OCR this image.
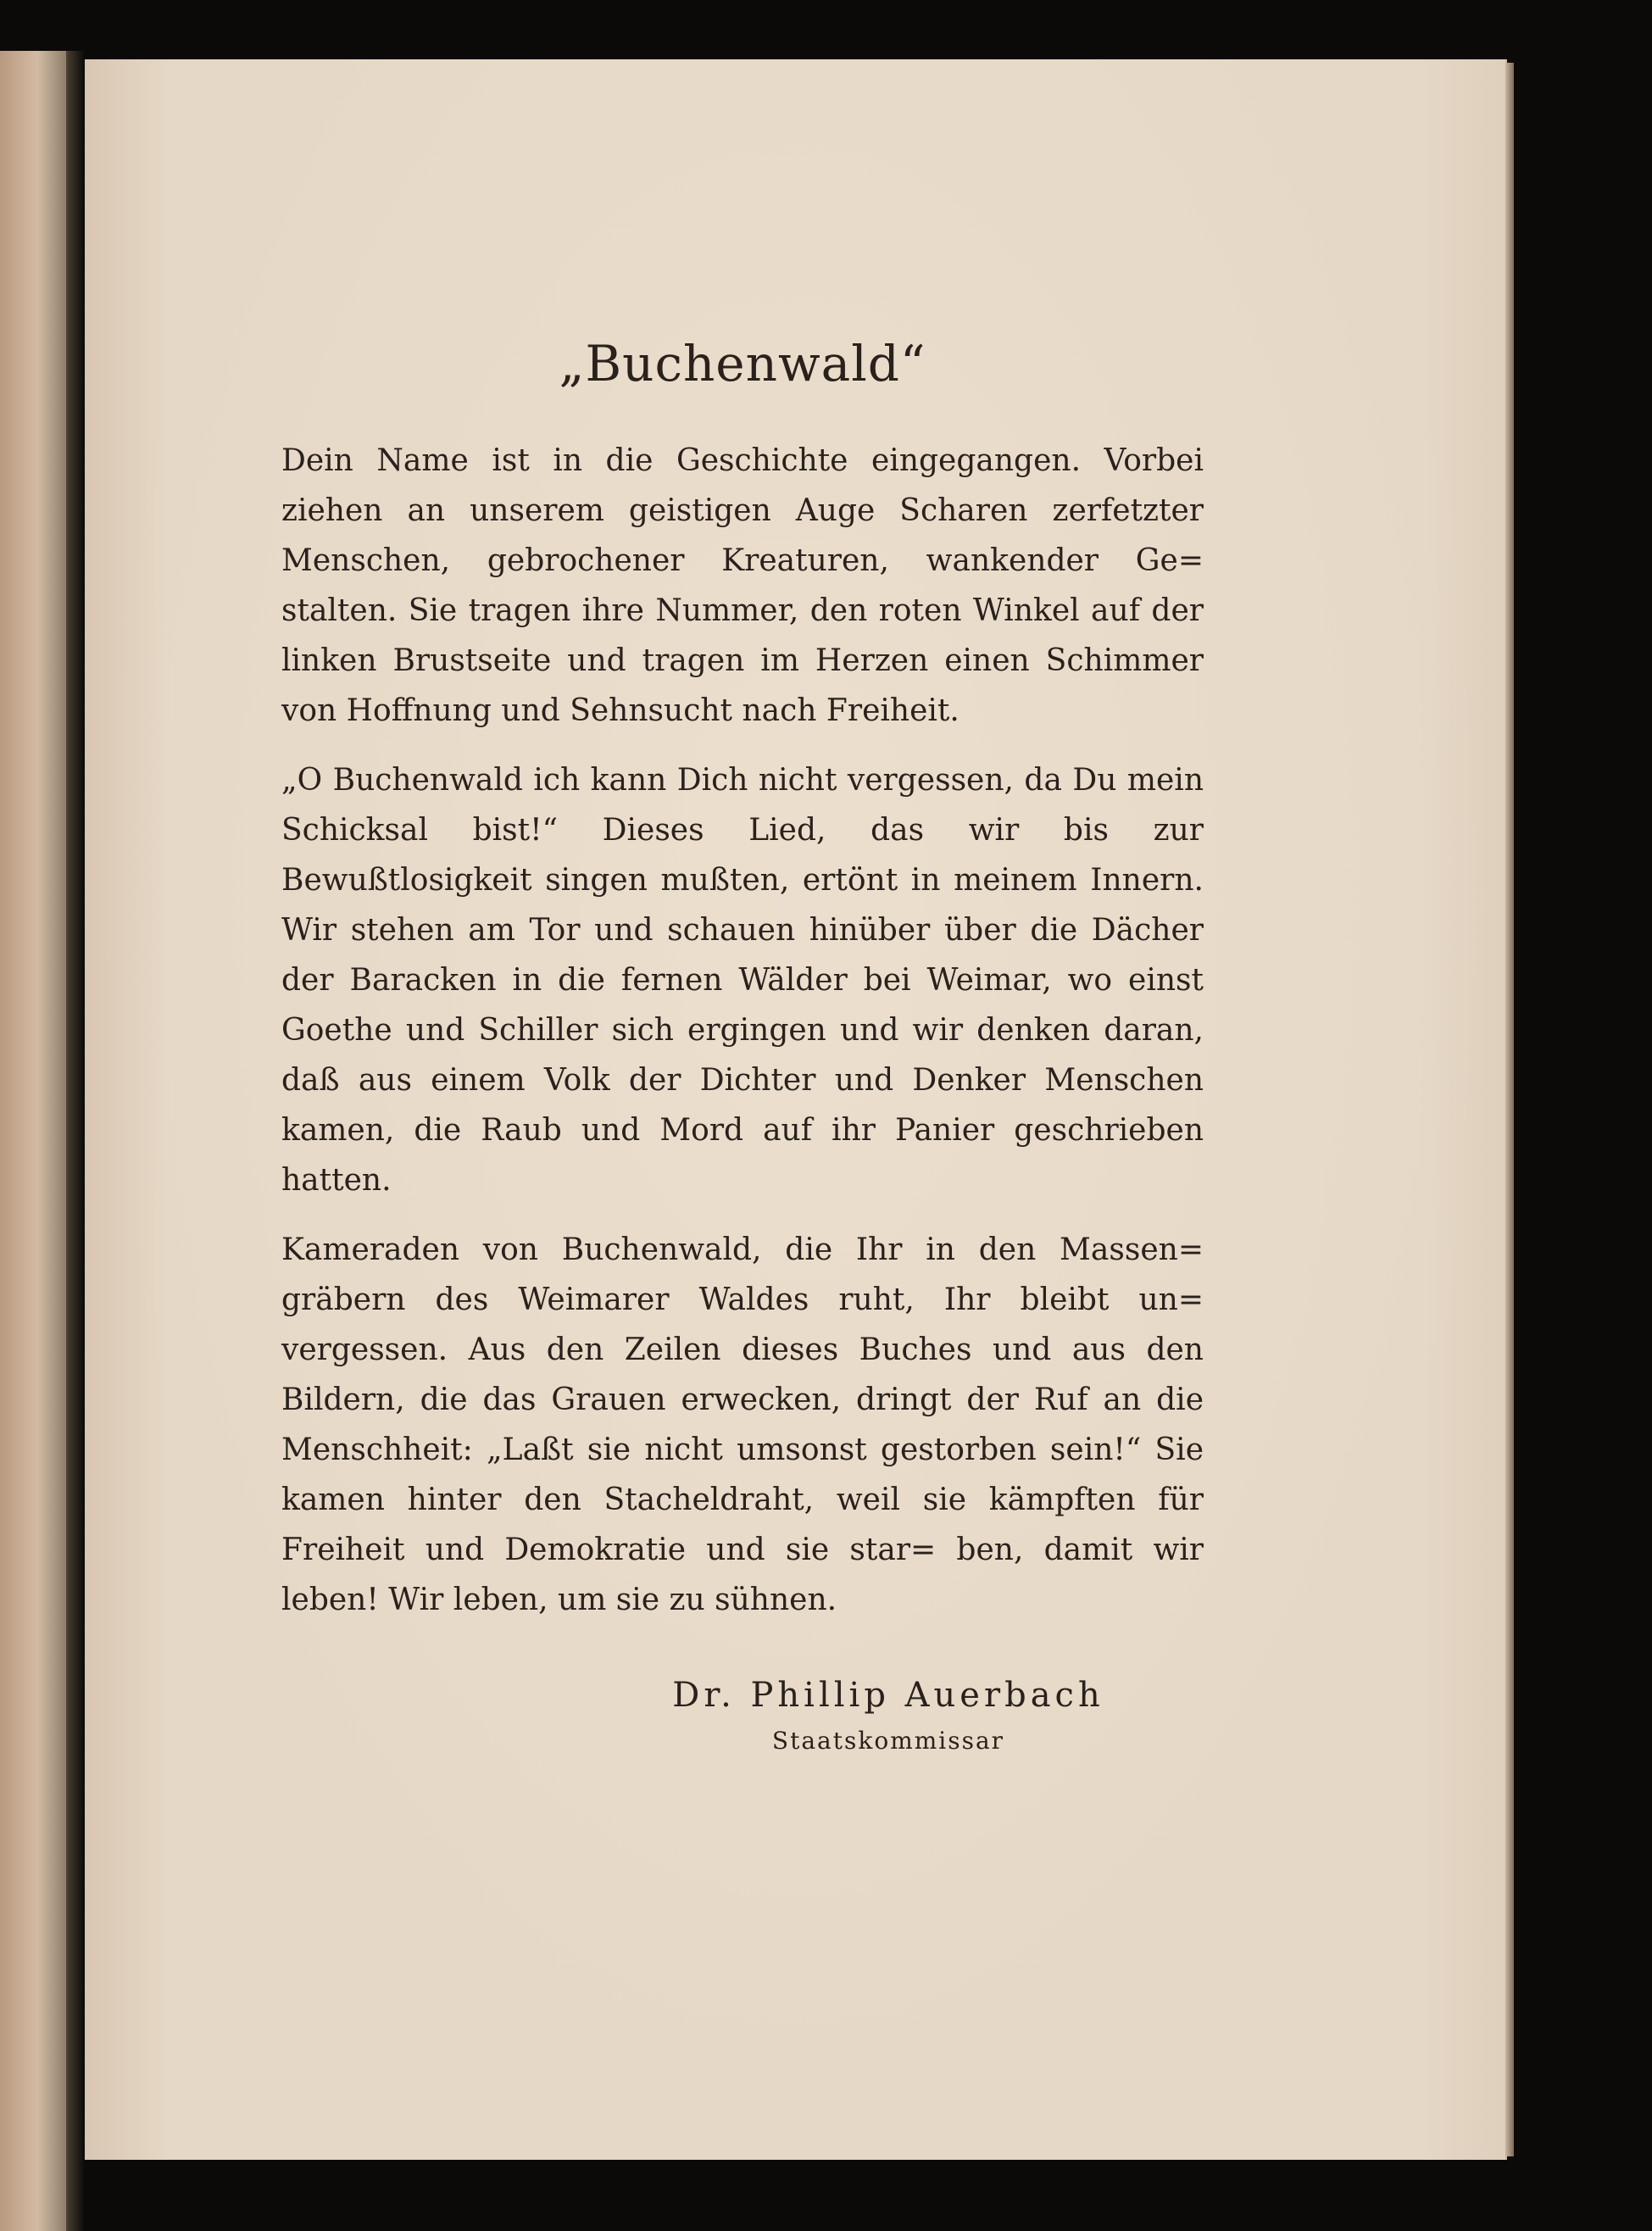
„Buchenwald“

Dein Name ist in die Geschichte eingegangen. Vorbei ziehen an unserem geistigen Auge Scharen zerfetzter Menschen, gebrochener Kreaturen, wankender Ge= stalten. Sie tragen ihre Nummer, den roten Winkel auf der linken Brustseite und tragen im Herzen einen Schimmer von Hoffnung und Sehnsucht nach Freiheit.

„O Buchenwald ich kann Dich nicht vergessen, da Du mein Schicksal bist!“ Dieses Lied, das wir bis zur Bewußtlosigkeit singen mußten, ertönt in meinem Innern. Wir stehen am Tor und schauen hinüber über die Dächer der Baracken in die fernen Wälder bei Weimar, wo einst Goethe und Schiller sich ergingen und wir denken daran, daß aus einem Volk der Dichter und Denker Menschen kamen, die Raub und Mord auf ihr Panier geschrieben hatten.

Kameraden von Buchenwald, die Ihr in den Massen= gräbern des Weimarer Waldes ruht, Ihr bleibt un= vergessen. Aus den Zeilen dieses Buches und aus den Bildern, die das Grauen erwecken, dringt der Ruf an die Menschheit: „Laßt sie nicht umsonst gestorben sein!“ Sie kamen hinter den Stacheldraht, weil sie kämpften für Freiheit und Demokratie und sie star= ben, damit wir leben! Wir leben, um sie zu sühnen.

Dr. Phillip Auerbach
Staatskommissar
